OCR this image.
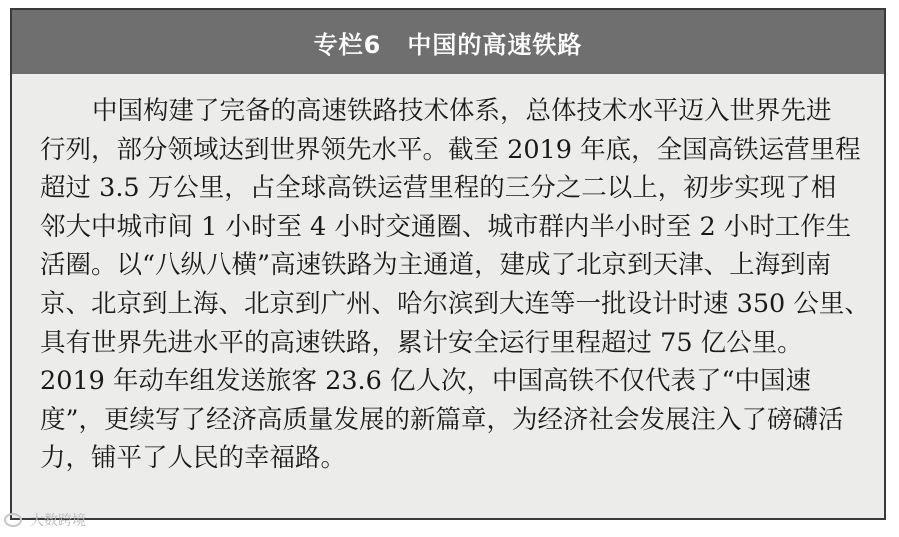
专栏6 中国的高速铁路
中国构建了完备的高速铁路技术体系，总体技术水平迈入世界先进
行列，部分领域达到世界领先水平。截至 2019 年底，全国高铁运营里程
超过 3.5 万公里，占全球高铁运营里程的三分之二以上，初步实现了相
邻大中城市间 1 小时至 4 小时交通圈、城市群内半小时至 2 小时工作生
活圈。以“八纵八横”高速铁路为主通道，建成了北京到天津、上海到南
京、北京到上海、北京到广州、哈尔滨到大连等一批设计时速 350 公里、
具有世界先进水平的高速铁路，累计安全运行里程超过 75 亿公里。
2019 年动车组发送旅客 23.6 亿人次，中国高铁不仅代表了“中国速
度”，更续写了经济高质量发展的新篇章，为经济社会发展注入了磅礴活
力，铺平了人民的幸福路。
大数跨境
